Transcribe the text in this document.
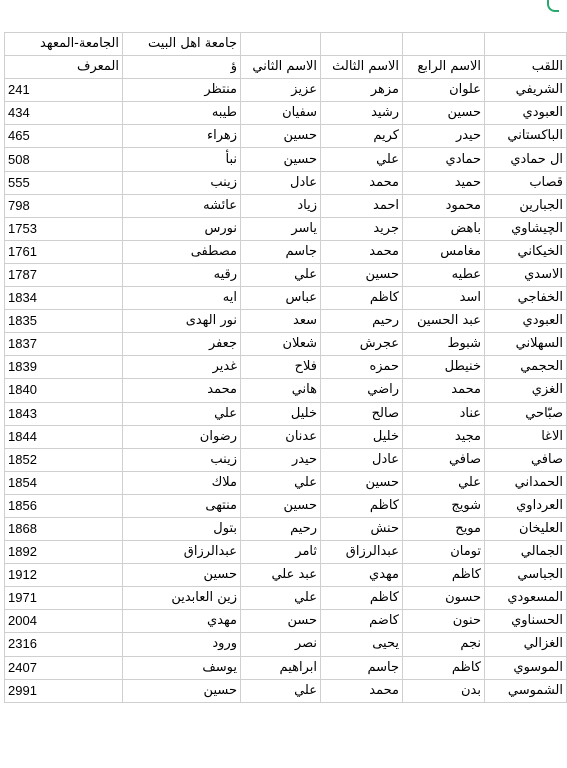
				جامعة اهل البيت	الجامعة-المعهد
اللقب	الاسم الرابع	الاسم الثالث	الاسم الثاني	ؤ	المعرف
الشريفي	علوان	مزهر	عزيز	منتظر	241
العبودي	حسين	رشيد	سفيان	طيبه	434
الباكستاني	حيدر	كريم	حسين	زهراء	465
ال حمادي	حمادي	علي	حسين	نبأ	508
قصاب	حميد	محمد	عادل	زينب	555
الجبارين	محمود	احمد	زياد	عائشه	798
الچيشاوي	باهض	جريد	ياسر	نورس	1753
الخيكاني	مغامس	محمد	جاسم	مصطفى	1761
الاسدي	عطيه	حسين	علي	رقيه	1787
الخفاجي	اسد	كاظم	عباس	ايه	1834
العبودي	عبد الحسين	رحيم	سعد	نور الهدى	1835
السهلاني	شبوط	عجرش	شعلان	جعفر	1837
الحجمي	خنيطل	حمزه	فلاح	غدير	1839
الغزي	محمد	راضي	هاني	محمد	1840
صبّاحي	عناد	صالح	خليل	علي	1843
الاغا	مجيد	خليل	عدنان	رضوان	1844
صافي	صافي	عادل	حيدر	زينب	1852
الحمداني	علي	حسين	علي	ملاك	1854
العرداوي	شويج	كاظم	حسين	منتهى	1856
العليخان	مويح	حنش	رحيم	بتول	1868
الجمالي	تومان	عبدالرزاق	ثامر	عبدالرزاق	1892
الجباسي	كاظم	مهدي	عبد علي	حسين	1912
المسعودي	حسون	كاظم	علي	زين العابدين	1971
الحسناوي	حنون	كاضم	حسن	مهدي	2004
الغزالي	نجم	يحيى	نصر	ورود	2316
الموسوي	كاظم	جاسم	ابراهيم	يوسف	2407
الشموسي	بدن	محمد	علي	حسين	2991
